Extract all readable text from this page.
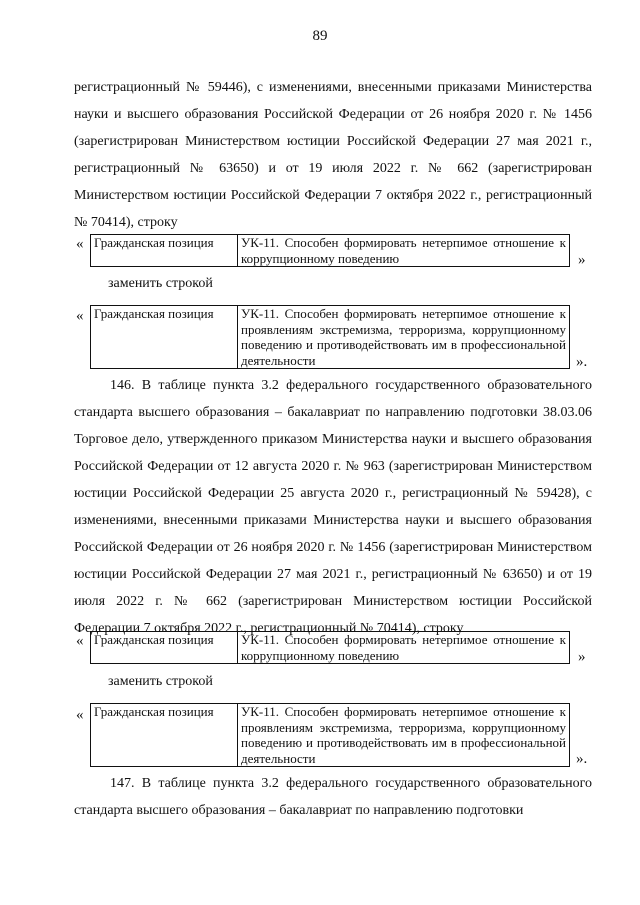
89

регистрационный № 59446), с изменениями, внесенными приказами Министерства науки и высшего образования Российской Федерации от 26 ноября 2020 г. № 1456 (зарегистрирован Министерством юстиции Российской Федерации 27 мая 2021 г., регистрационный № 63650) и от 19 июля 2022 г. № 662 (зарегистрирован Министерством юстиции Российской Федерации 7 октября 2022 г., регистрационный № 70414), строку

« Гражданская позиция	УК-11. Способен формировать нетерпимое отношение к коррупционному поведению	»
заменить строкой
« Гражданская позиция	УК-11. Способен формировать нетерпимое отношение к проявлениям экстремизма, терроризма, коррупционному поведению и противодействовать им в профессиональной деятельности	».

146. В таблице пункта 3.2 федерального государственного образовательного стандарта высшего образования – бакалавриат по направлению подготовки 38.03.06 Торговое дело, утвержденного приказом Министерства науки и высшего образования Российской Федерации от 12 августа 2020 г. № 963 (зарегистрирован Министерством юстиции Российской Федерации 25 августа 2020 г., регистрационный № 59428), с изменениями, внесенными приказами Министерства науки и высшего образования Российской Федерации от 26 ноября 2020 г. № 1456 (зарегистрирован Министерством юстиции Российской Федерации 27 мая 2021 г., регистрационный № 63650) и от 19 июля 2022 г. № 662 (зарегистрирован Министерством юстиции Российской Федерации 7 октября 2022 г., регистрационный № 70414), строку

« Гражданская позиция	УК-11. Способен формировать нетерпимое отношение к коррупционному поведению	»
заменить строкой
« Гражданская позиция	УК-11. Способен формировать нетерпимое отношение к проявлениям экстремизма, терроризма, коррупционному поведению и противодействовать им в профессиональной деятельности	».

147. В таблице пункта 3.2 федерального государственного образовательного стандарта высшего образования – бакалавриат по направлению подготовки
